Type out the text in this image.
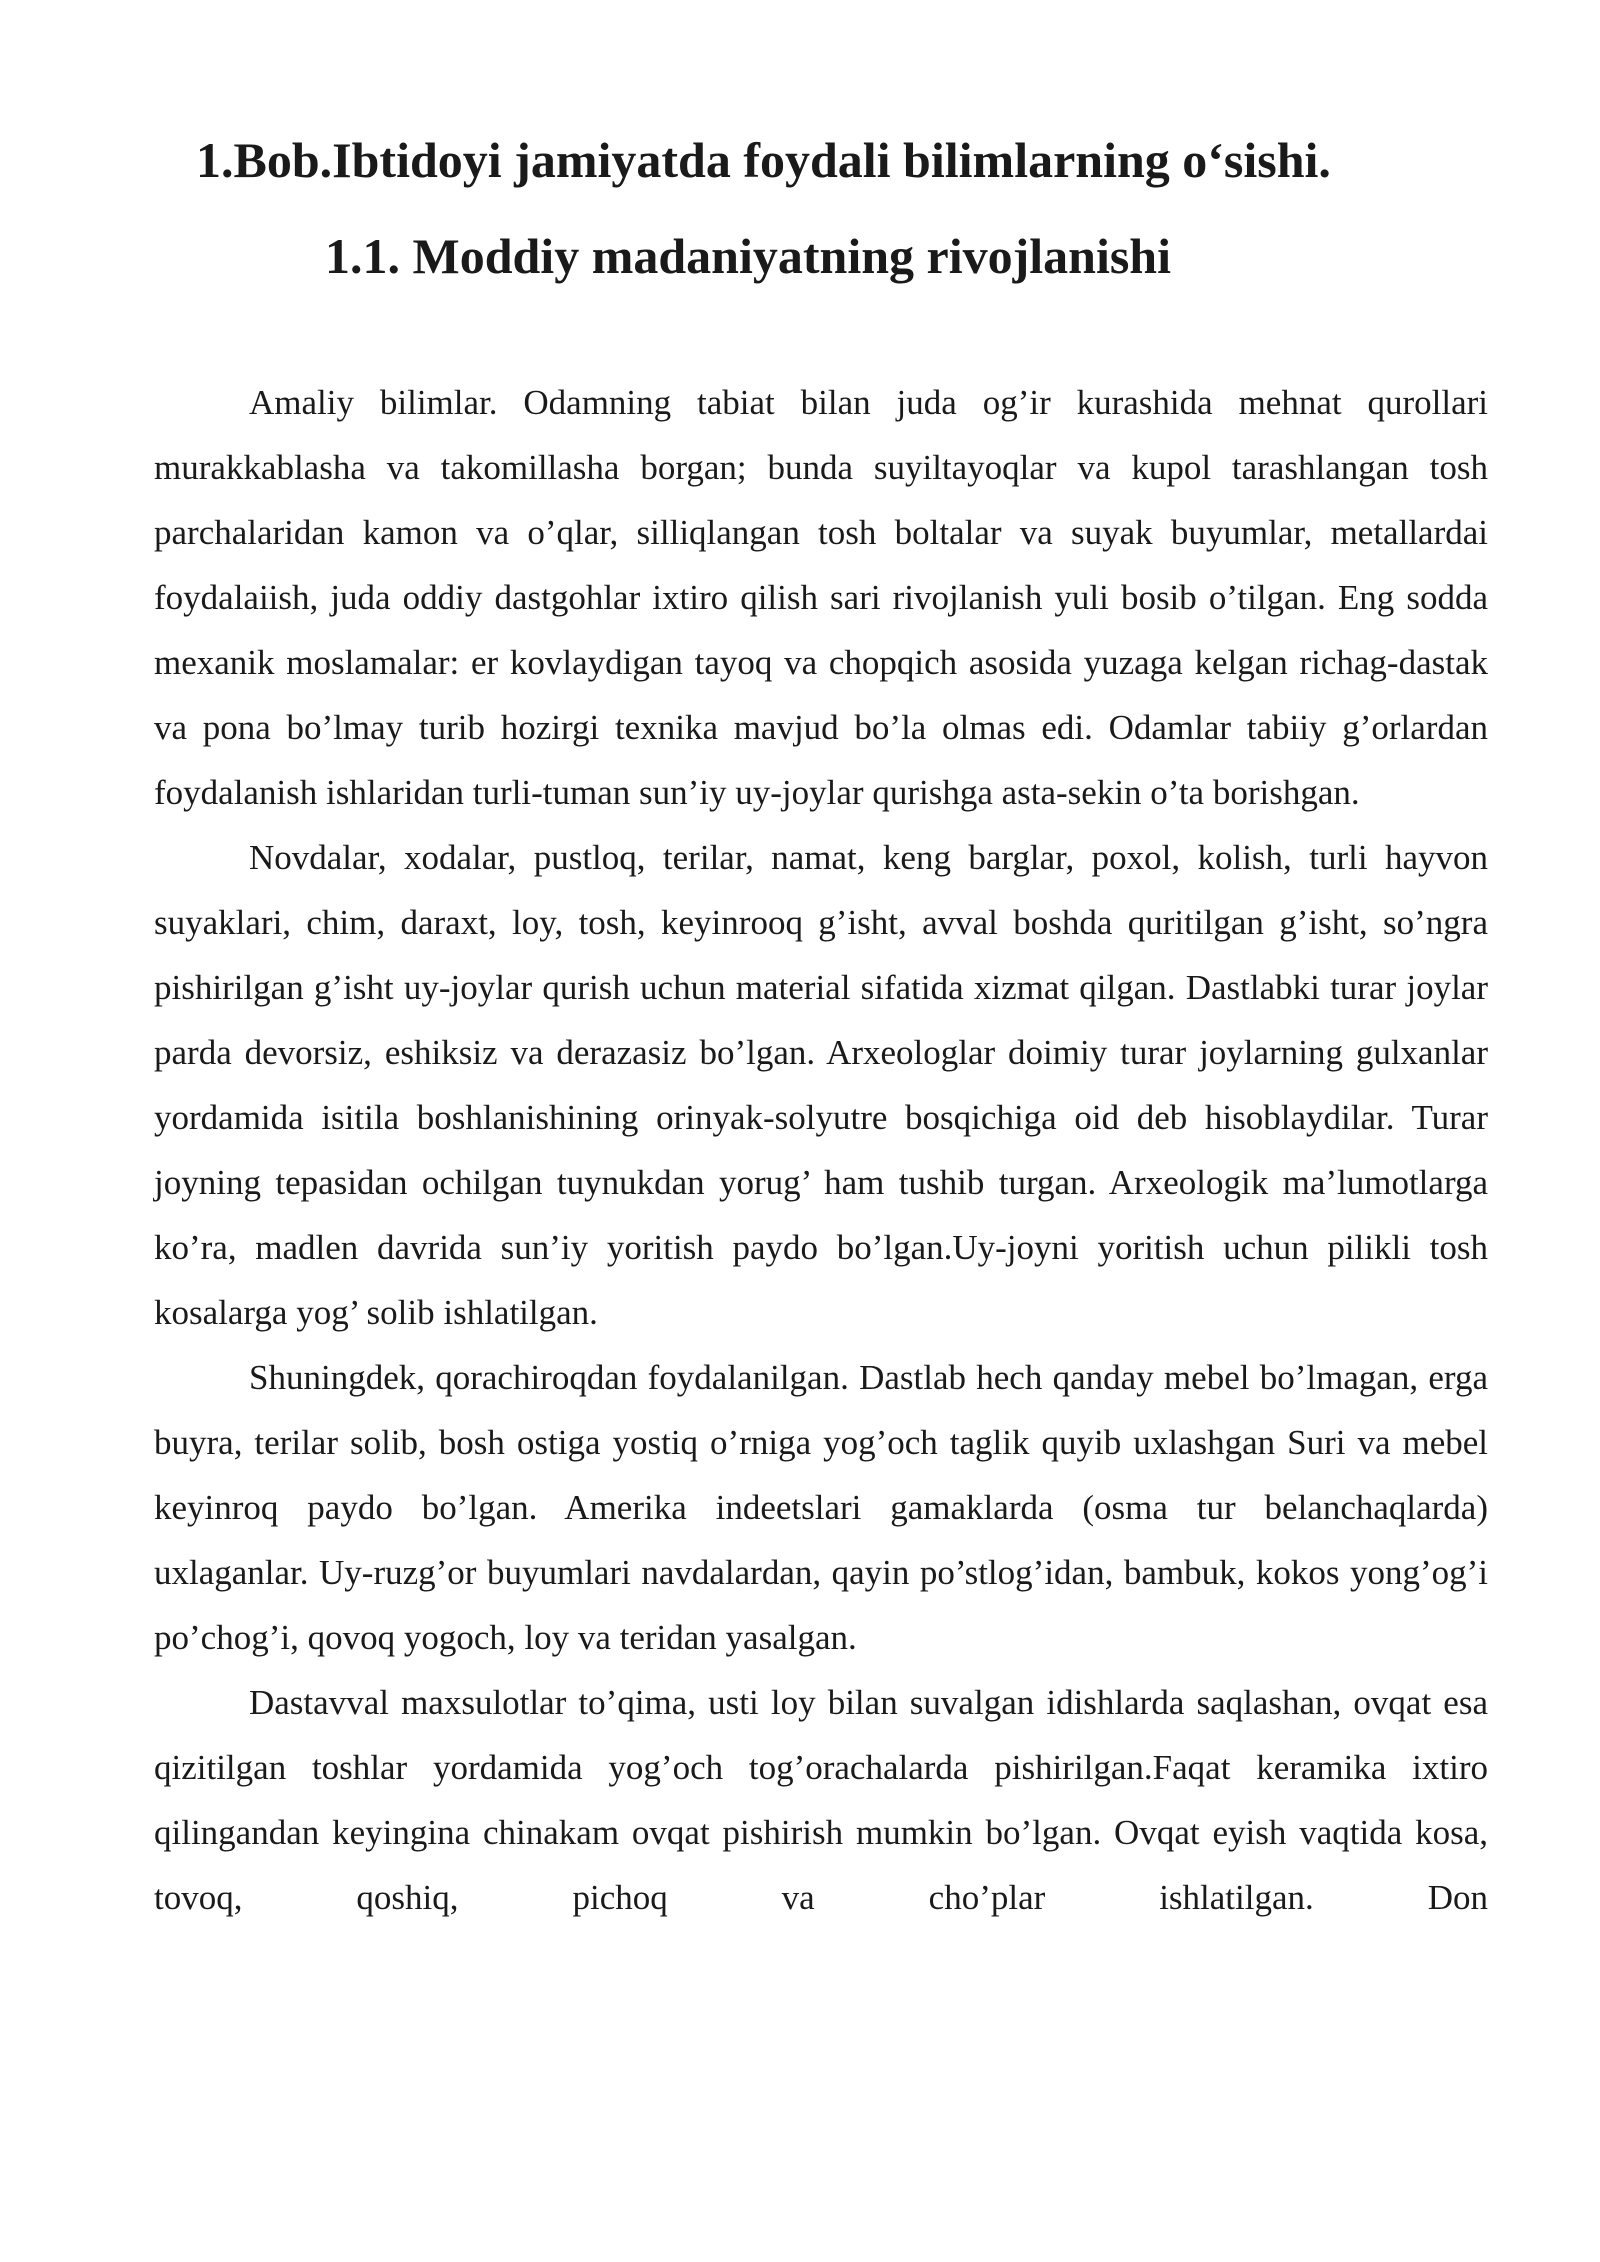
1.Bob.Ibtidoyi jamiyatda foydali bilimlarning o‘sishi.
1.1. Moddiy madaniyatning rivojlanishi

Amaliy bilimlar. Odamning tabiat bilan juda og’ir kurashida mehnat qurollari murakkablasha va takomillasha borgan; bunda suyiltayoqlar va kupol tarashlangan tosh parchalaridan kamon va o’qlar, silliqlangan tosh boltalar va suyak buyumlar, metallardai foydalaiish, juda oddiy dastgohlar ixtiro qilish sari rivojlanish yuli bosib o’tilgan. Eng sodda mexanik moslamalar: er kovlaydigan tayoq va chopqich asosida yuzaga kelgan richag-dastak va pona bo’lmay turib hozirgi texnika mavjud bo’la olmas edi. Odamlar tabiiy g’orlardan foydalanish ishlaridan turli-tuman sun’iy uy-joylar qurishga asta-sekin o’ta borishgan.

Novdalar, xodalar, pustloq, terilar, namat, keng barglar, poxol, kolish, turli hayvon suyaklari, chim, daraxt, loy, tosh, keyinrooq g’isht, avval boshda quritilgan g’isht, so’ngra pishirilgan g’isht uy-joylar qurish uchun material sifatida xizmat qilgan. Dastlabki turar joylar parda devorsiz, eshiksiz va derazasiz bo’lgan. Arxeologlar doimiy turar joylarning gulxanlar yordamida isitila boshlanishining orinyak-solyutre bosqichiga oid deb hisoblaydilar. Turar joyning tepasidan ochilgan tuynukdan yorug’ ham tushib turgan. Arxeologik ma’lumotlarga ko’ra, madlen davrida sun’iy yoritish paydo bo’lgan.Uy-joyni yoritish uchun pilikli tosh kosalarga yog’ solib ishlatilgan.

Shuningdek, qorachiroqdan foydalanilgan. Dastlab hech qanday mebel bo’lmagan, erga buyra, terilar solib, bosh ostiga yostiq o’rniga yog’och taglik quyib uxlashgan Suri va mebel keyinroq paydo bo’lgan. Amerika indeetslari gamaklarda (osma tur belanchaqlarda) uxlaganlar. Uy-ruzg’or buyumlari navdalardan, qayin po’stlog’idan, bambuk, kokos yong’og’i po’chog’i, qovoq yogoch, loy va teridan yasalgan.

Dastavval maxsulotlar to’qima, usti loy bilan suvalgan idishlarda saqlashan, ovqat esa qizitilgan toshlar yordamida yog’och tog’orachalarda pishirilgan.Faqat keramika ixtiro qilingandan keyingina chinakam ovqat pishirish mumkin bo’lgan. Ovqat eyish vaqtida kosa, tovoq, qoshiq, pichoq va cho’plar ishlatilgan. Don
